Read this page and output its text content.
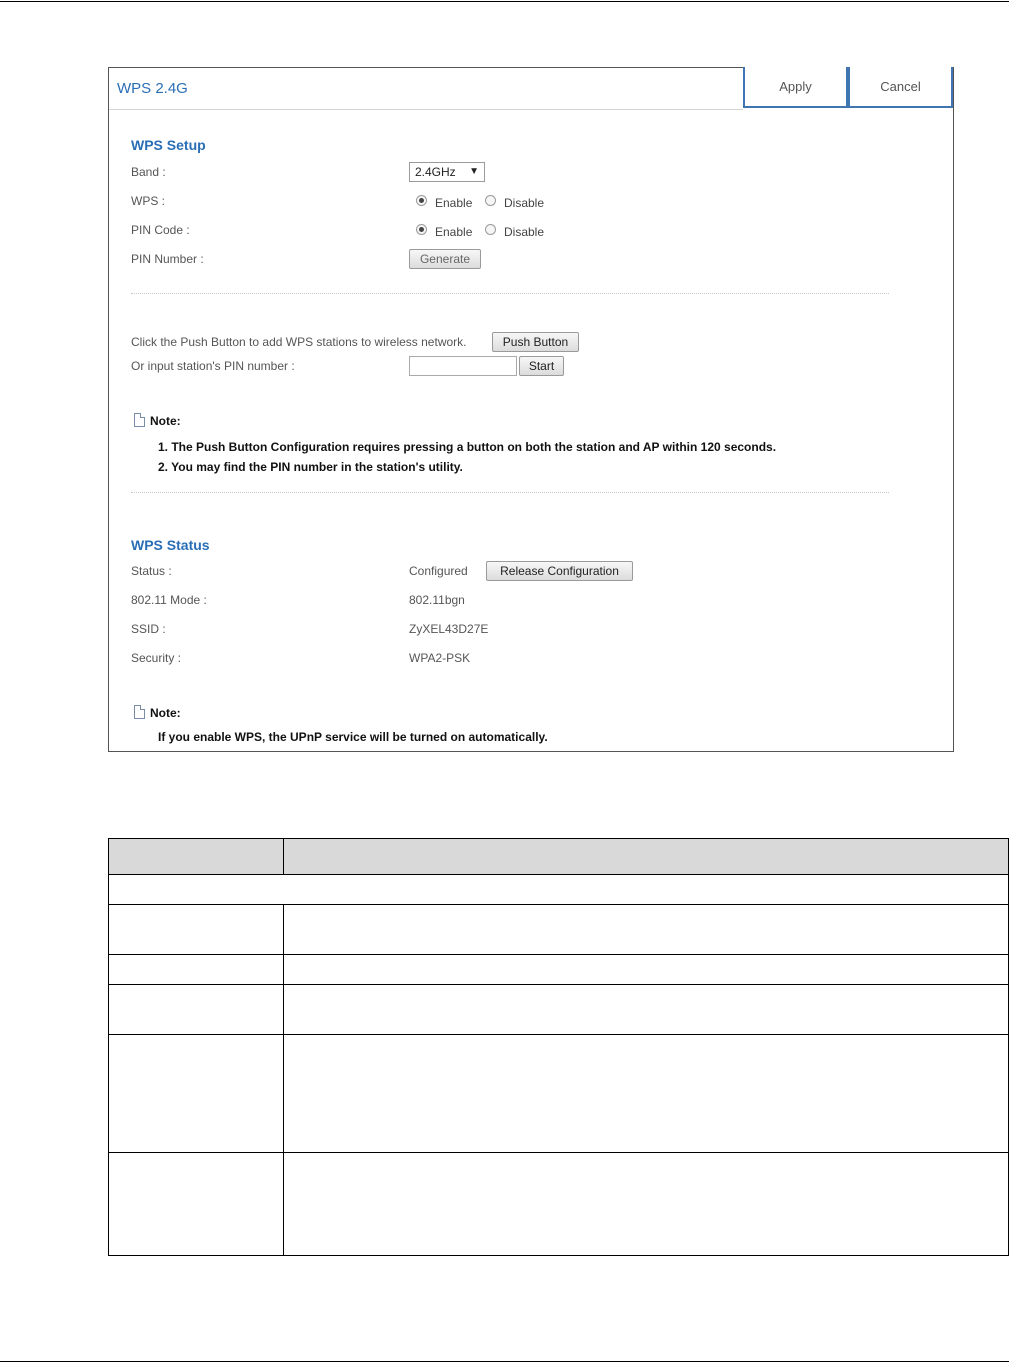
WPS 2.4G	Apply	Cancel
WPS Setup
Band :	2.4GHz ▼
WPS :	Enable	Disable
PIN Code :	Enable	Disable
PIN Number :	Generate
Click the Push Button to add WPS stations to wireless network.	Push Button
Or input station's PIN number :	Start
Note:
1. The Push Button Configuration requires pressing a button on both the station and AP within 120 seconds.
2. You may find the PIN number in the station's utility.
WPS Status
Status :	Configured	Release Configuration
802.11 Mode :	802.11bgn
SSID :	ZyXEL43D27E
Security :	WPA2-PSK
Note:
If you enable WPS, the UPnP service will be turned on automatically.
